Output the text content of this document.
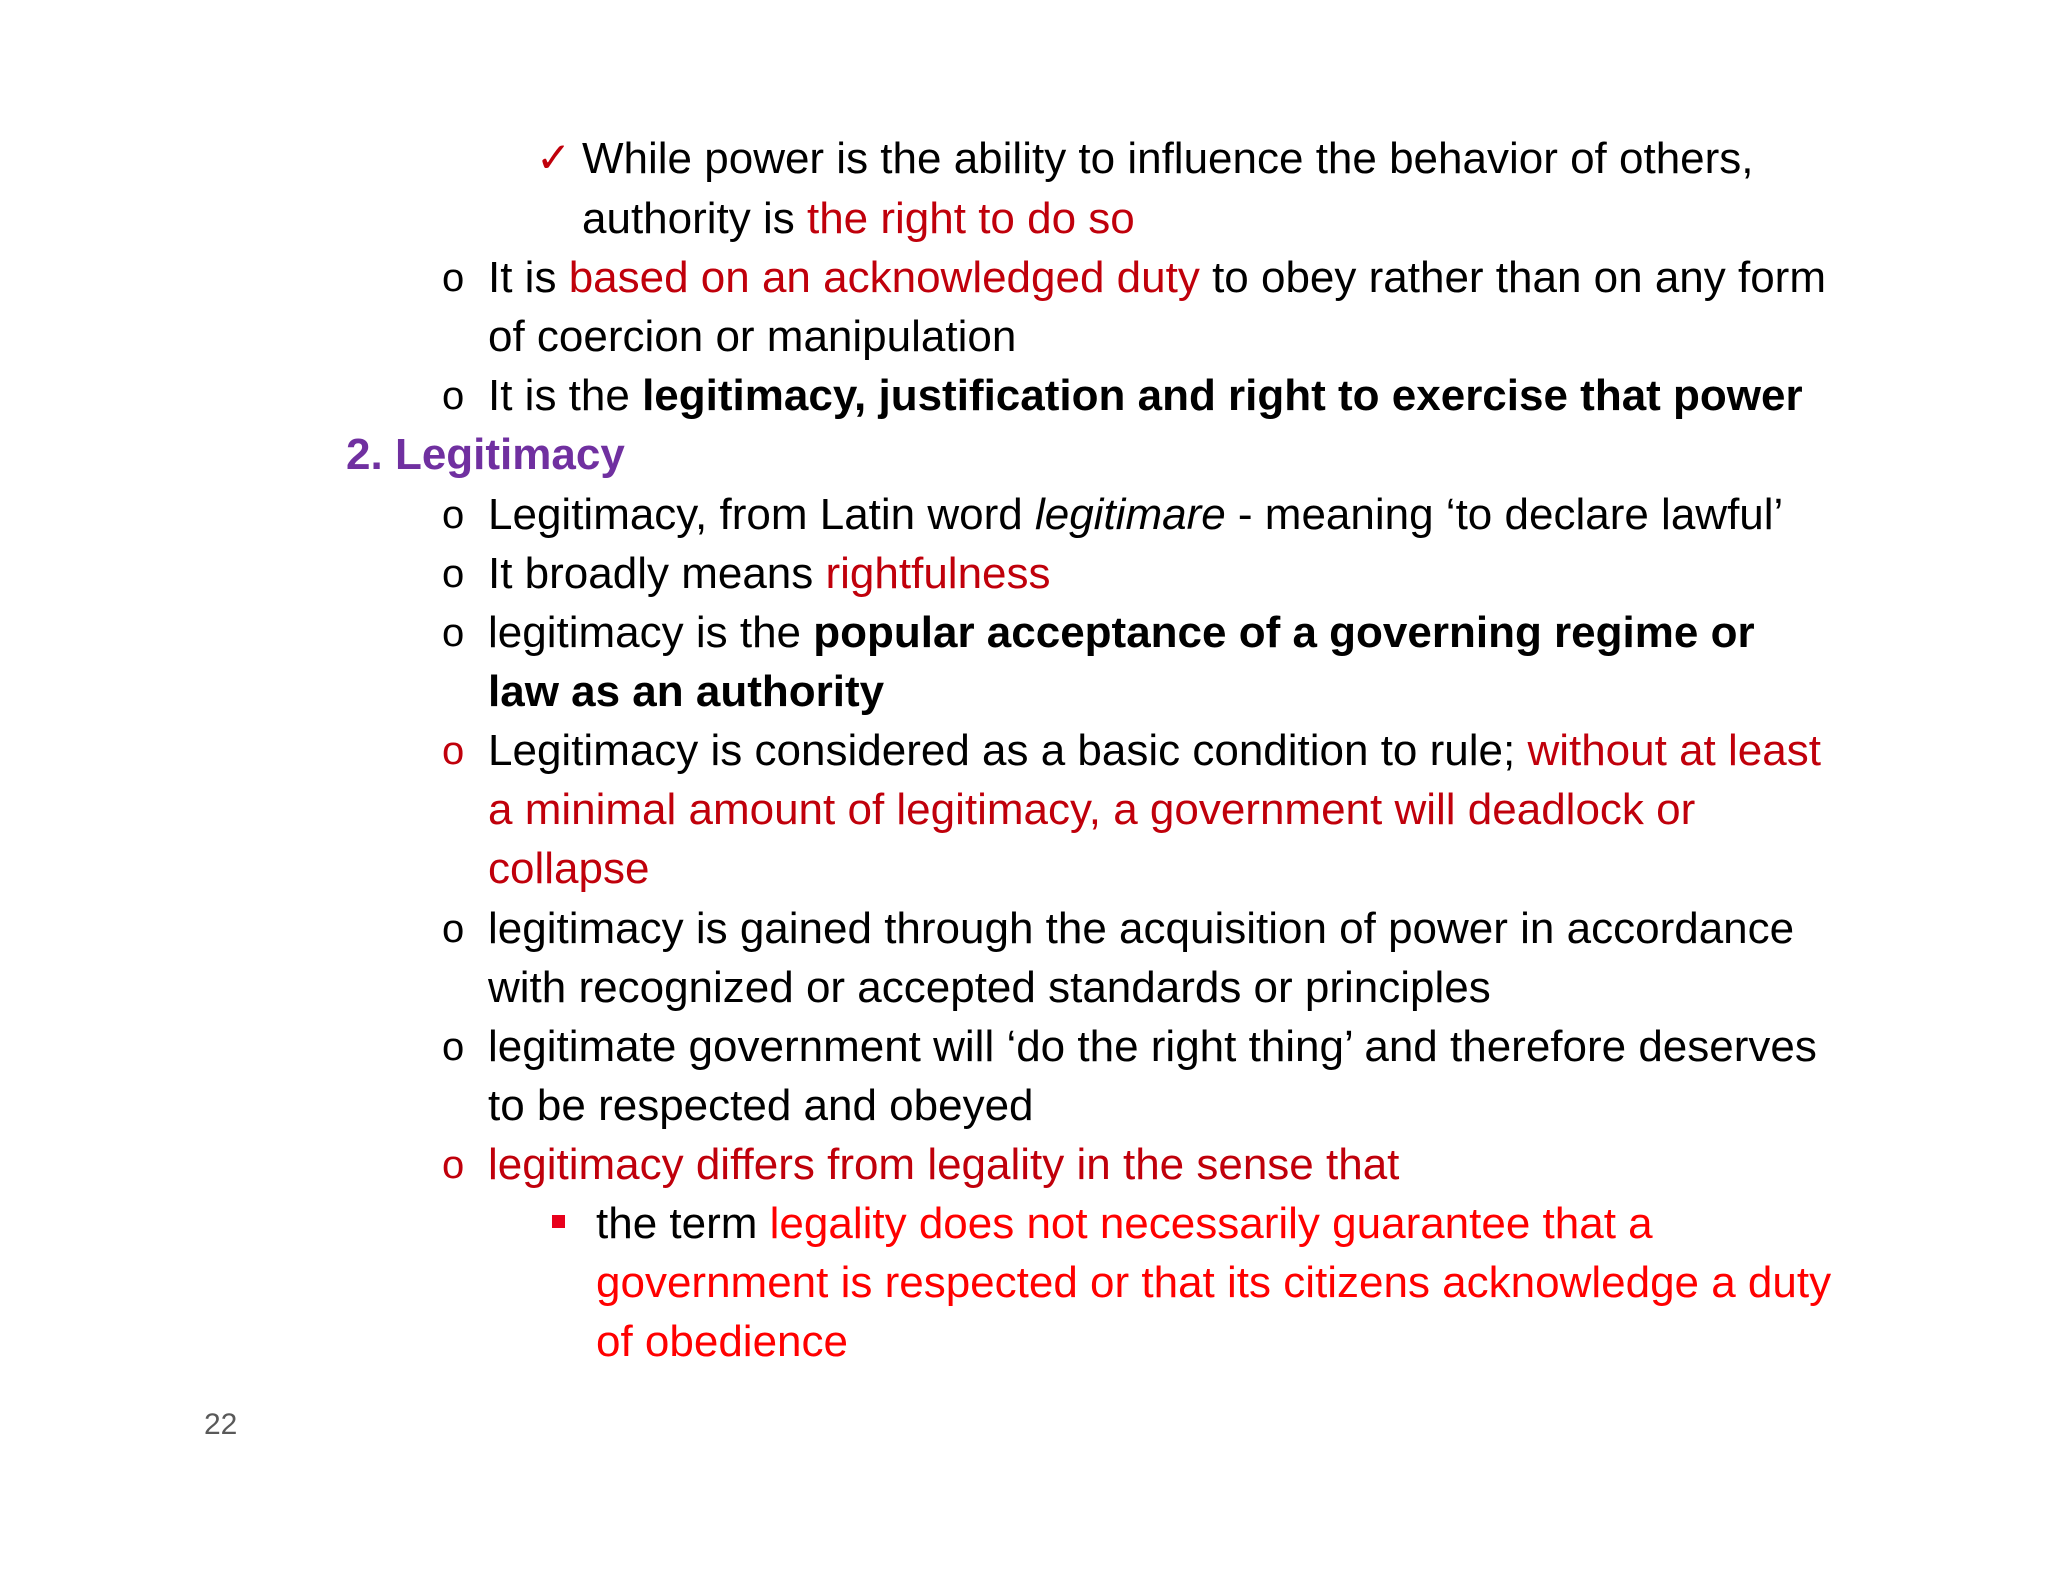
✓ While power is the ability to influence the behavior of others,
authority is the right to do so
o It is based on an acknowledged duty to obey rather than on any form
of coercion or manipulation
o It is the legitimacy, justification and right to exercise that power
2. Legitimacy
o Legitimacy, from Latin word legitimare - meaning ‘to declare lawful’
o It broadly means rightfulness
o legitimacy is the popular acceptance of a governing regime or
law as an authority
o Legitimacy is considered as a basic condition to rule; without at least
a minimal amount of legitimacy, a government will deadlock or
collapse
o legitimacy is gained through the acquisition of power in accordance
with recognized or accepted standards or principles
o legitimate government will ‘do the right thing’ and therefore deserves
to be respected and obeyed
o legitimacy differs from legality in the sense that
the term legality does not necessarily guarantee that a
government is respected or that its citizens acknowledge a duty
of obedience
22
